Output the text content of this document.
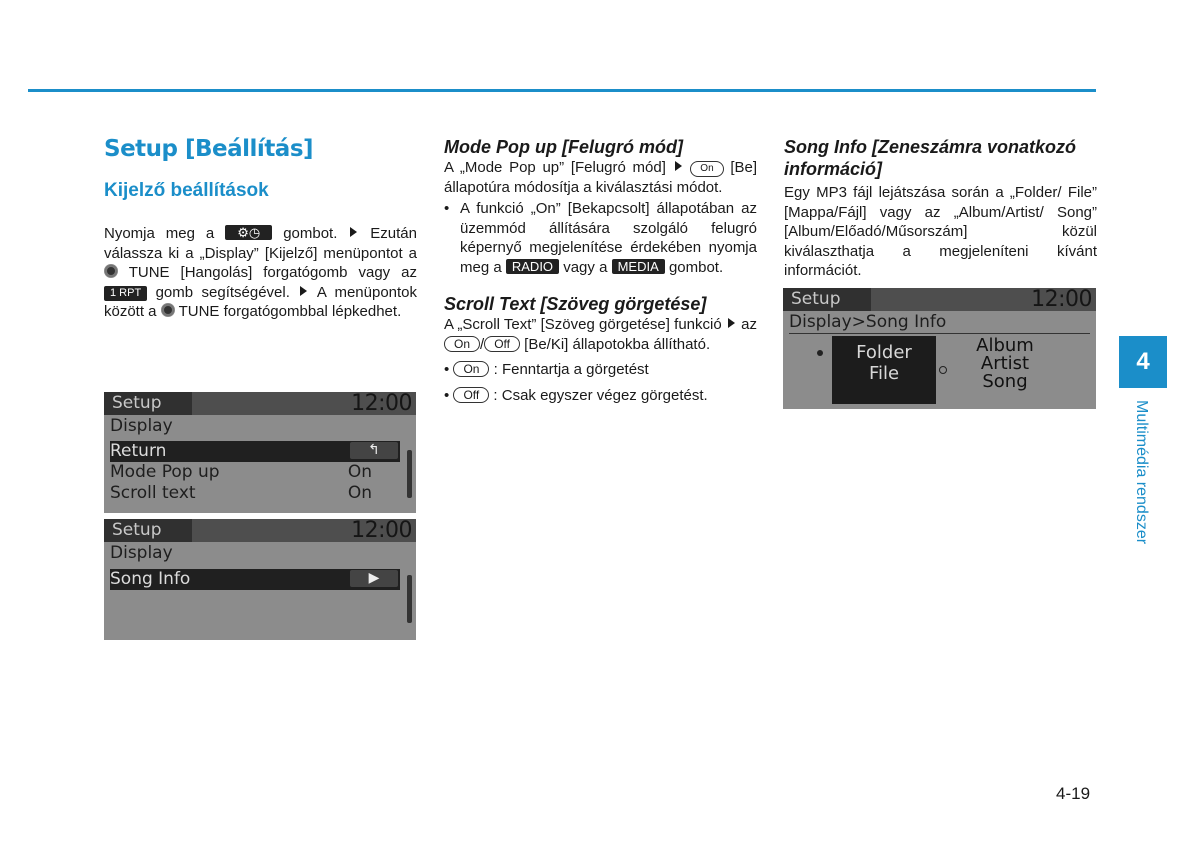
Setup [Beállítás]
Kijelző beállítások

Nyomja meg a ⚙◷ gombot. Ezután válassza ki a „Display” [Kijelző] menüpontot a  TUNE [Hangolás] forgatógomb vagy az 1 RPT gomb segítségével. A menüpontok között a TUNE forgatógombbal lépkedhet.

Setup	12:00
Display
Return	↰
Mode Pop up	On
Scroll text	On
Setup	12:00
Display
Song Info	▶
Mode Pop up [Felugró mód]

A „Mode Pop up” [Felugró mód]	On [Be] állapotúra módosítja a kiválasztási módot.

• A funkció „On” [Bekapcsolt] állapotában az üzemmód állítására szolgáló felugró képernyő megjelenítése érdekében nyomja meg a RADIO vagy a MEDIA gombot.

Scroll Text [Szöveg görgetése]

A „Scroll Text” [Szöveg görgetése] funkció az On / Off [Be/Ki] állapotokba állítható.

• On : Fenntartja a görgetést

• Off : Csak egyszer végez görgetést.

Song Info [Zeneszámra vonatkozó információ]

Egy MP3 fájl lejátszása során a „Folder/ File” [Mappa/Fájl] vagy az „Album/Artist/ Song” [Album/Előadó/Műsorszám] közül kiválaszthatja a megjeleníteni kívánt információt.

Setup	12:00
Display>Song Info
Folder
File
Album
Artist
Song
4
Multimédia rendszer
4-19
